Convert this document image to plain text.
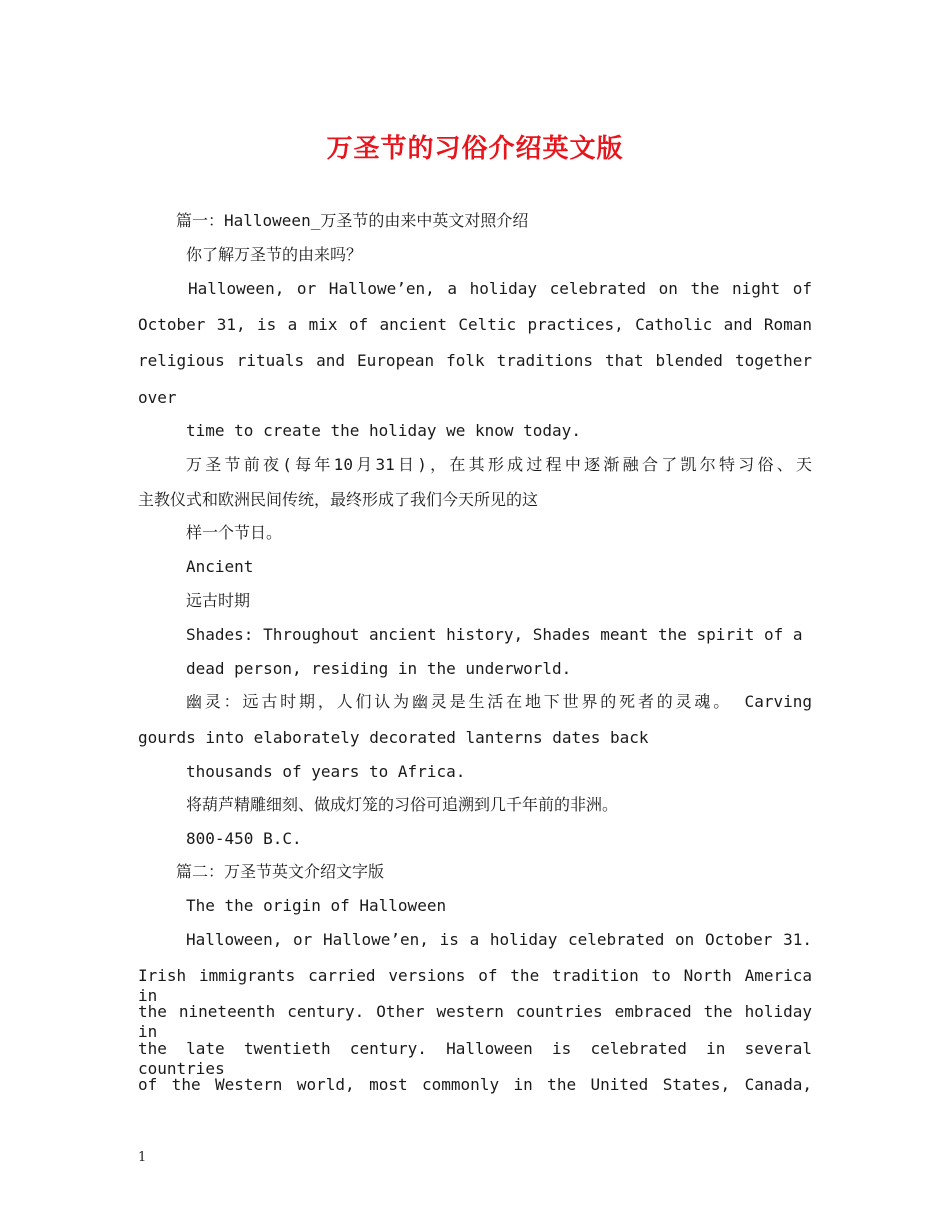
万圣节的习俗介绍英文版
篇一：Halloween_万圣节的由来中英文对照介绍
你了解万圣节的由来吗？
Halloween, or Hallowe’en, a holiday celebrated on the night of
October 31, is a mix of ancient Celtic practices, Catholic and Roman
religious rituals and European folk traditions that blended together
over
time to create the holiday we know today.
万圣节前夜(每年10月31日)，在其形成过程中逐渐融合了凯尔特习俗、天
主教仪式和欧洲民间传统，最终形成了我们今天所见的这
样一个节日。
Ancient
远古时期
Shades: Throughout ancient history, Shades meant the spirit of a
dead person, residing in the underworld.
幽灵：远古时期，人们认为幽灵是生活在地下世界的死者的灵魂。 Carving
gourds into elaborately decorated lanterns dates back
thousands of years to Africa.
将葫芦精雕细刻、做成灯笼的习俗可追溯到几千年前的非洲。
800-450 B.C.
篇二：万圣节英文介绍文字版
The the origin of Halloween
Halloween, or Hallowe’en, is a holiday celebrated on October 31.
Irish immigrants carried versions of the tradition to North America in
the nineteenth century. Other western countries embraced the holiday in
the late twentieth century. Halloween is celebrated in several countries
of the Western world, most commonly in the United States, Canada,
1
